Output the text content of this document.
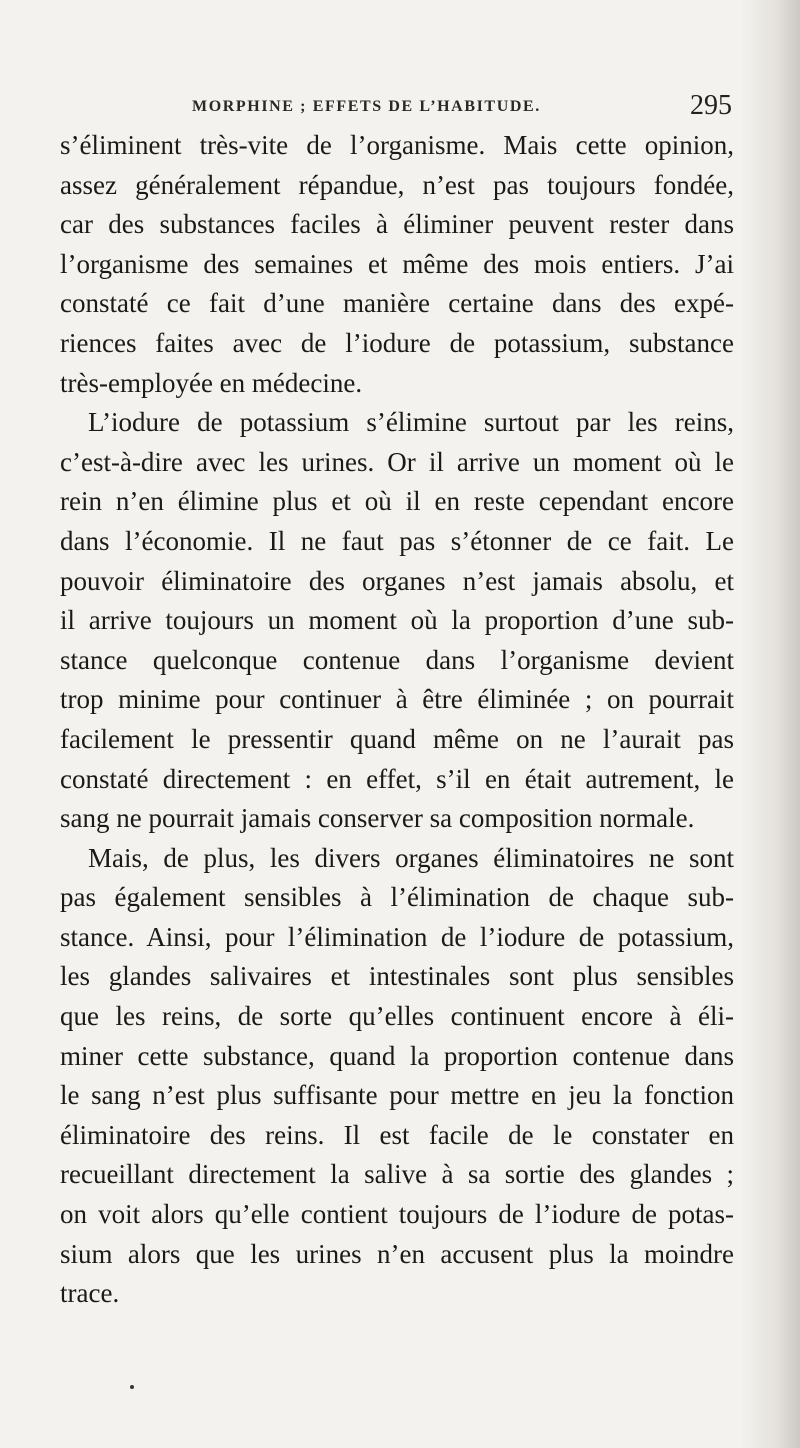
MORPHINE ; EFFETS DE L’HABITUDE.	295
s’éliminent très-vite de l’organisme. Mais cette opinion,
assez généralement répandue, n’est pas toujours fondée,
car des substances faciles à éliminer peuvent rester dans
l’organisme des semaines et même des mois entiers. J’ai
constaté ce fait d’une manière certaine dans des expé-
riences faites avec de l’iodure de potassium, substance
très-employée en médecine.
L’iodure de potassium s’élimine surtout par les reins,
c’est-à-dire avec les urines. Or il arrive un moment où le
rein n’en élimine plus et où il en reste cependant encore
dans l’économie. Il ne faut pas s’étonner de ce fait. Le
pouvoir éliminatoire des organes n’est jamais absolu, et
il arrive toujours un moment où la proportion d’une sub-
stance quelconque contenue dans l’organisme devient
trop minime pour continuer à être éliminée ; on pourrait
facilement le pressentir quand même on ne l’aurait pas
constaté directement : en effet, s’il en était autrement, le
sang ne pourrait jamais conserver sa composition normale.
Mais, de plus, les divers organes éliminatoires ne sont
pas également sensibles à l’élimination de chaque sub-
stance. Ainsi, pour l’élimination de l’iodure de potassium,
les glandes salivaires et intestinales sont plus sensibles
que les reins, de sorte qu’elles continuent encore à éli-
miner cette substance, quand la proportion contenue dans
le sang n’est plus suffisante pour mettre en jeu la fonction
éliminatoire des reins. Il est facile de le constater en
recueillant directement la salive à sa sortie des glandes ;
on voit alors qu’elle contient toujours de l’iodure de potas-
sium alors que les urines n’en accusent plus la moindre
trace.
